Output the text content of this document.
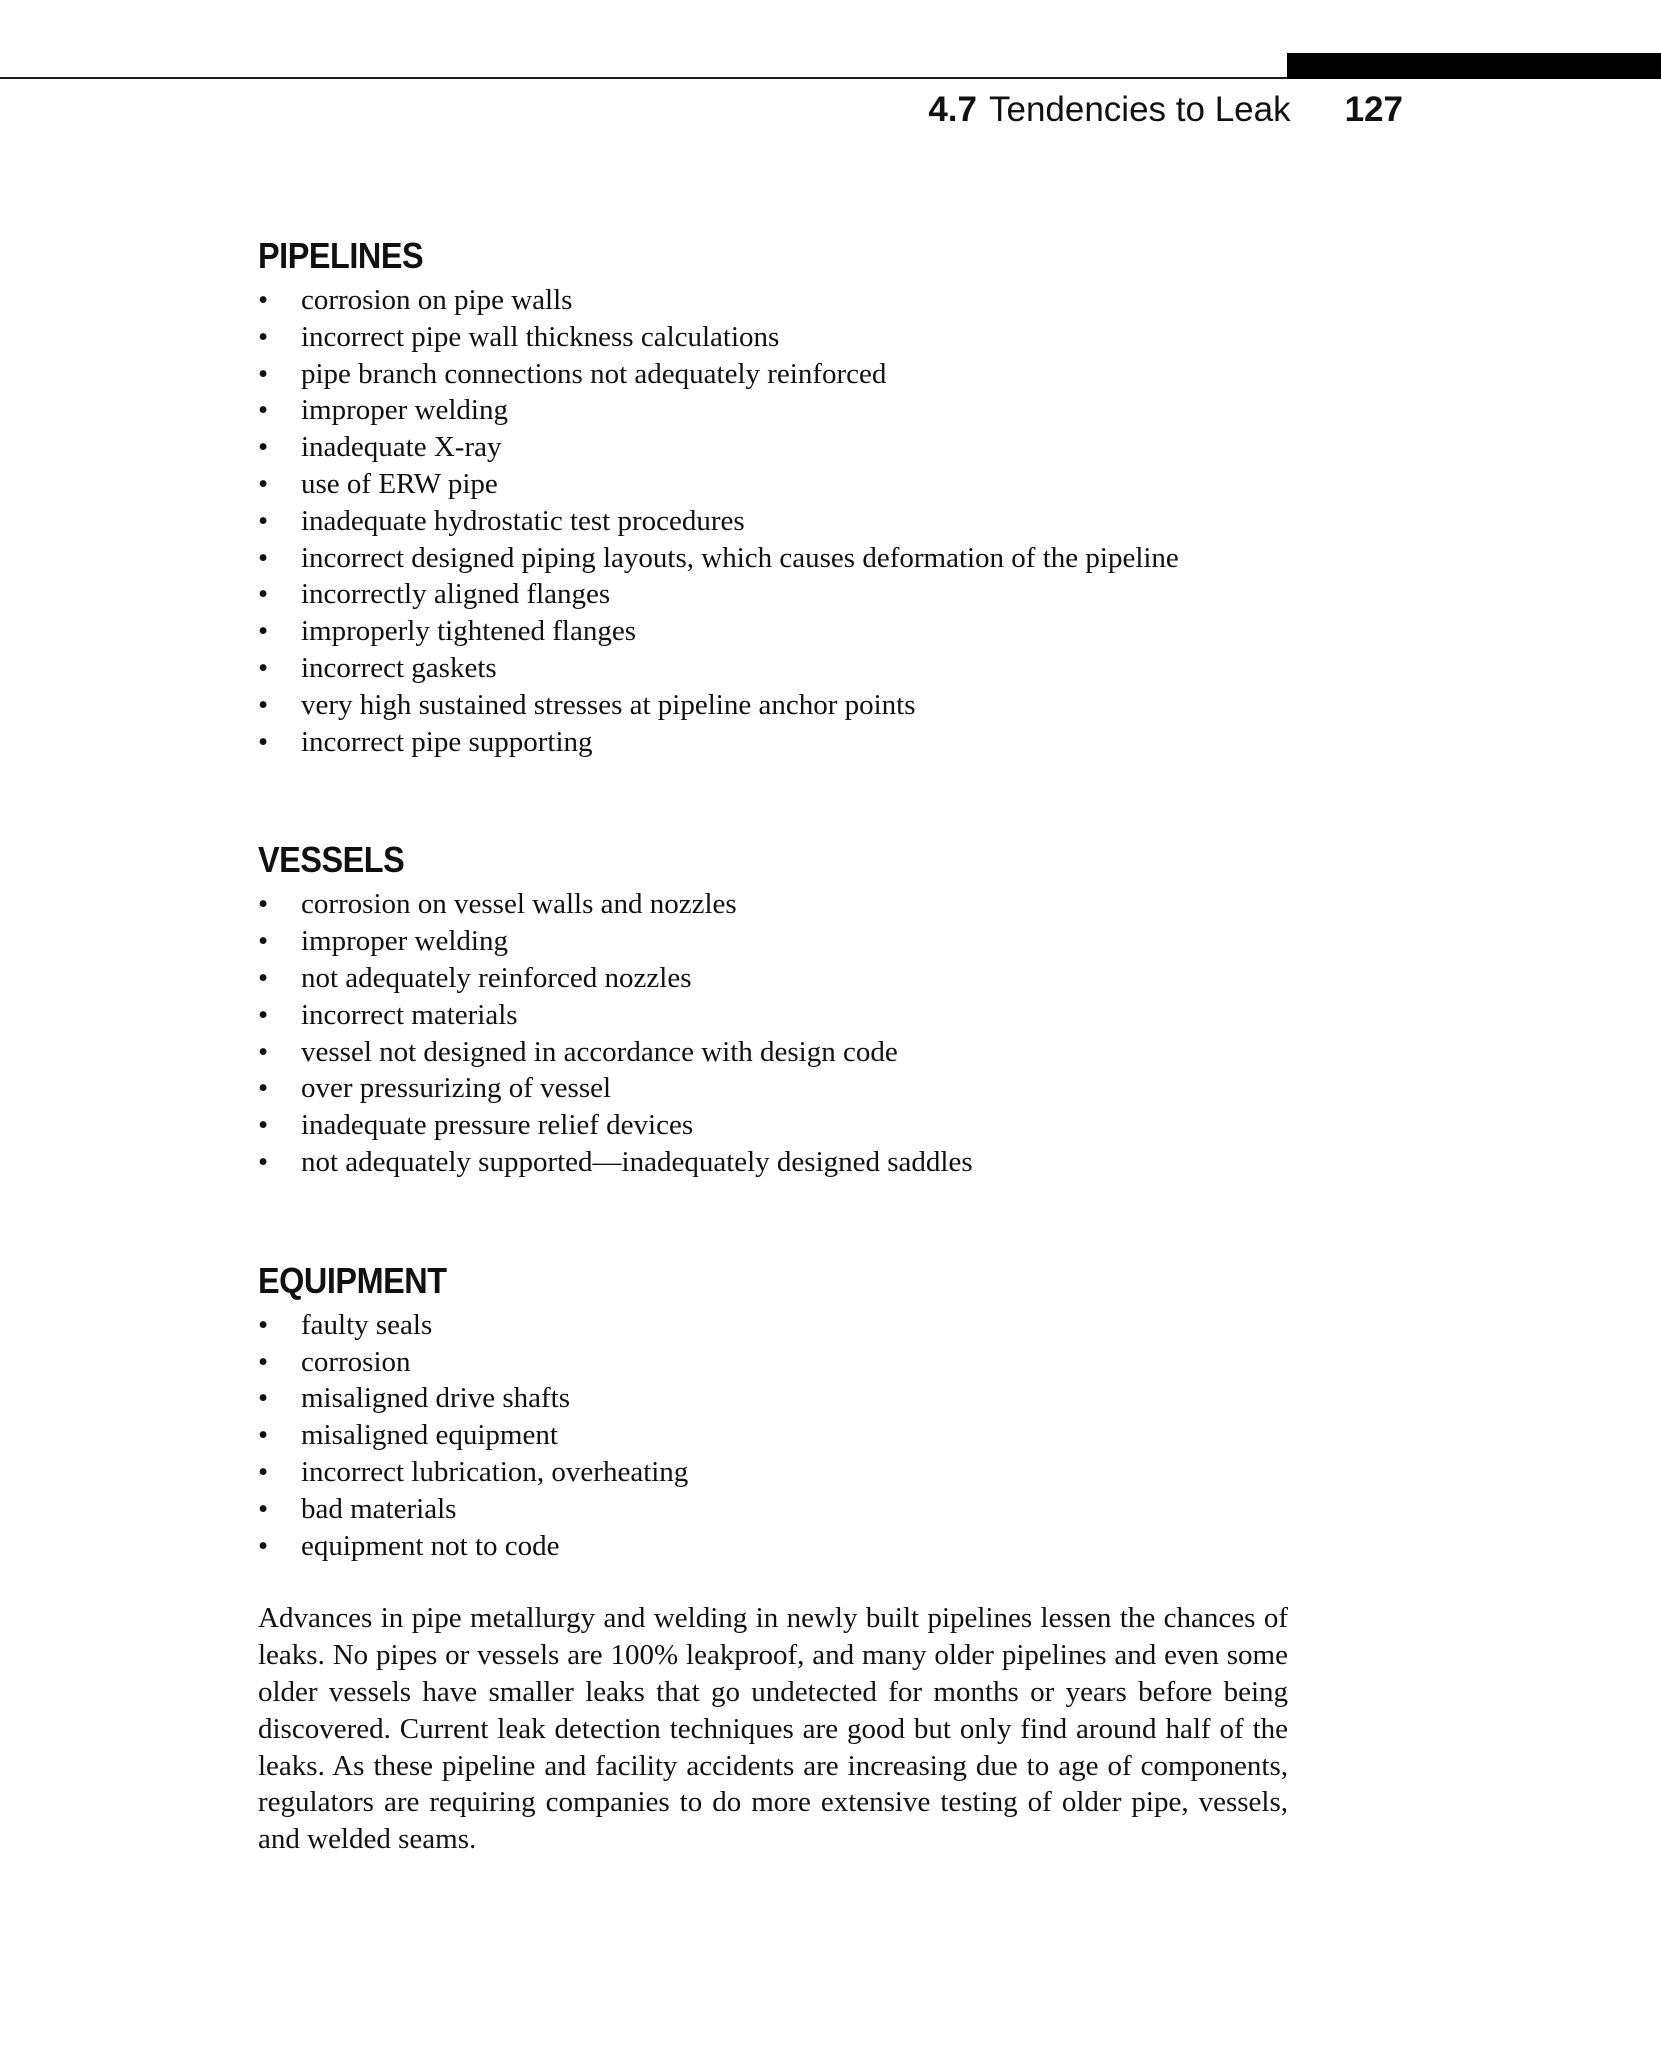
4.7 Tendencies to Leak 127
PIPELINES
• corrosion on pipe walls
• incorrect pipe wall thickness calculations
• pipe branch connections not adequately reinforced
• improper welding
• inadequate X-ray
• use of ERW pipe
• inadequate hydrostatic test procedures
• incorrect designed piping layouts, which causes deformation of the pipeline
• incorrectly aligned flanges
• improperly tightened flanges
• incorrect gaskets
• very high sustained stresses at pipeline anchor points
• incorrect pipe supporting
VESSELS
• corrosion on vessel walls and nozzles
• improper welding
• not adequately reinforced nozzles
• incorrect materials
• vessel not designed in accordance with design code
• over pressurizing of vessel
• inadequate pressure relief devices
• not adequately supported—inadequately designed saddles
EQUIPMENT
• faulty seals
• corrosion
• misaligned drive shafts
• misaligned equipment
• incorrect lubrication, overheating
• bad materials
• equipment not to code

Advances in pipe metallurgy and welding in newly built pipelines lessen the chances of leaks. No pipes or vessels are 100% leakproof, and many older pipelines and even some older vessels have smaller leaks that go undetected for months or years before being discovered. Current leak detection techniques are good but only find around half of the leaks. As these pipeline and facility accidents are increasing due to age of components, regulators are requiring companies to do more extensive testing of older pipe, vessels, and welded seams.
